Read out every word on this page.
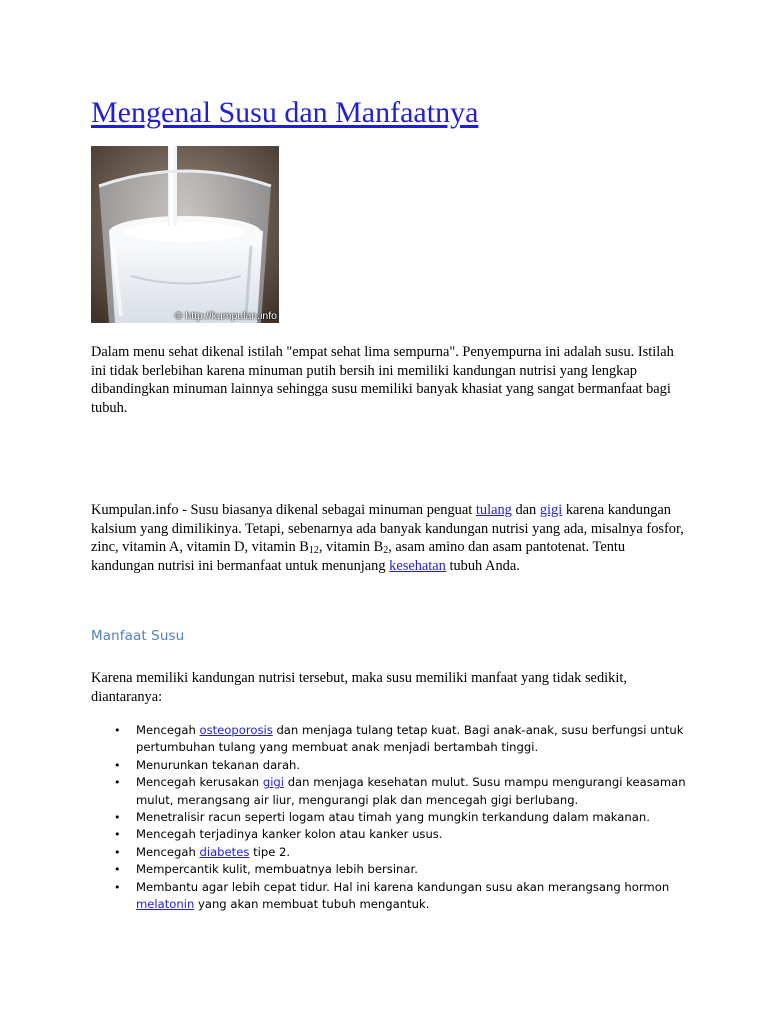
Mengenal Susu dan Manfaatnya
© http://kumpulan.info

Dalam menu sehat dikenal istilah "empat sehat lima sempurna". Penyempurna ini adalah susu. Istilah ini tidak berlebihan karena minuman putih bersih ini memiliki kandungan nutrisi yang lengkap dibandingkan minuman lainnya sehingga susu memiliki banyak khasiat yang sangat bermanfaat bagi tubuh.

Kumpulan.info - Susu biasanya dikenal sebagai minuman penguat tulang dan gigi karena kandungan kalsium yang dimilikinya. Tetapi, sebenarnya ada banyak kandungan nutrisi yang ada, misalnya fosfor, zinc, vitamin A, vitamin D, vitamin $B_{12}$, vitamin $B_2$, asam amino dan asam pantotenat. Tentu kandungan nutrisi ini bermanfaat untuk menunjang kesehatan tubuh Anda.

Manfaat Susu

Karena memiliki kandungan nutrisi tersebut, maka susu memiliki manfaat yang tidak sedikit, diantaranya:

• Mencegah osteoporosis dan menjaga tulang tetap kuat. Bagi anak-anak, susu berfungsi untuk pertumbuhan tulang yang membuat anak menjadi bertambah tinggi.
• Menurunkan tekanan darah.
• Mencegah kerusakan gigi dan menjaga kesehatan mulut. Susu mampu mengurangi keasaman mulut, merangsang air liur, mengurangi plak dan mencegah gigi berlubang.
• Menetralisir racun seperti logam atau timah yang mungkin terkandung dalam makanan.
• Mencegah terjadinya kanker kolon atau kanker usus.
• Mencegah diabetes tipe 2.
• Mempercantik kulit, membuatnya lebih bersinar.
• Membantu agar lebih cepat tidur. Hal ini karena kandungan susu akan merangsang hormon melatonin yang akan membuat tubuh mengantuk.
